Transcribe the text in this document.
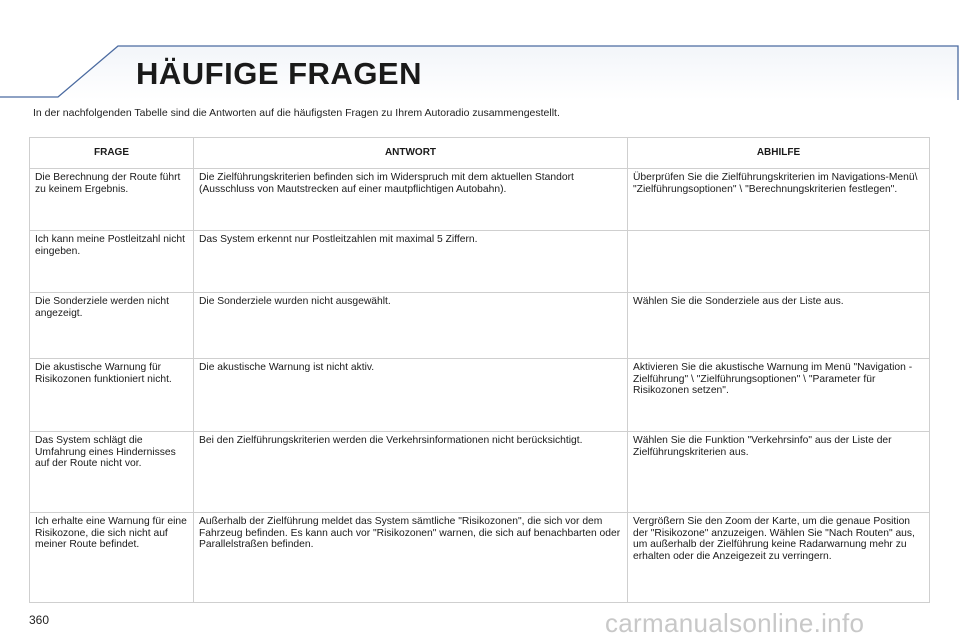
HÄUFIGE FRAGEN
In der nachfolgenden Tabelle sind die Antworten auf die häufigsten Fragen zu Ihrem Autoradio zusammengestellt.
FRAGE	ANTWORT	ABHILFE
Die Berechnung der Route führt zu keinem Ergebnis.	Die Zielführungskriterien befinden sich im Widerspruch mit dem aktuellen Standort (Ausschluss von Mautstrecken auf einer mautpflichtigen Autobahn).	Überprüfen Sie die Zielführungskriterien im Navigations-Menü\ "Zielführungsoptionen" \ "Berechnungskriterien festlegen".
Ich kann meine Postleitzahl nicht eingeben.	Das System erkennt nur Postleitzahlen mit maximal 5 Ziffern.	
Die Sonderziele werden nicht angezeigt.	Die Sonderziele wurden nicht ausgewählt.	Wählen Sie die Sonderziele aus der Liste aus.
Die akustische Warnung für Risikozonen funktioniert nicht.	Die akustische Warnung ist nicht aktiv.	Aktivieren Sie die akustische Warnung im Menü "Navigation - Zielführung" \ "Zielführungsoptionen" \ "Parameter für Risikozonen setzen".
Das System schlägt die Umfahrung eines Hindernisses auf der Route nicht vor.	Bei den Zielführungskriterien werden die Verkehrsinformationen nicht berücksichtigt.	Wählen Sie die Funktion "Verkehrsinfo" aus der Liste der Zielführungskriterien aus.
Ich erhalte eine Warnung für eine Risikozone, die sich nicht auf meiner Route befindet.	Außerhalb der Zielführung meldet das System sämtliche "Risikozonen", die sich vor dem Fahrzeug befinden. Es kann auch vor "Risikozonen" warnen, die sich auf benachbarten oder Parallelstraßen befinden.	Vergrößern Sie den Zoom der Karte, um die genaue Position der "Risikozone" anzuzeigen. Wählen Sie "Nach Routen" aus, um außerhalb der Zielführung keine Radarwarnung mehr zu erhalten oder die Anzeigezeit zu verringern.
360	carmanualsonline.info
